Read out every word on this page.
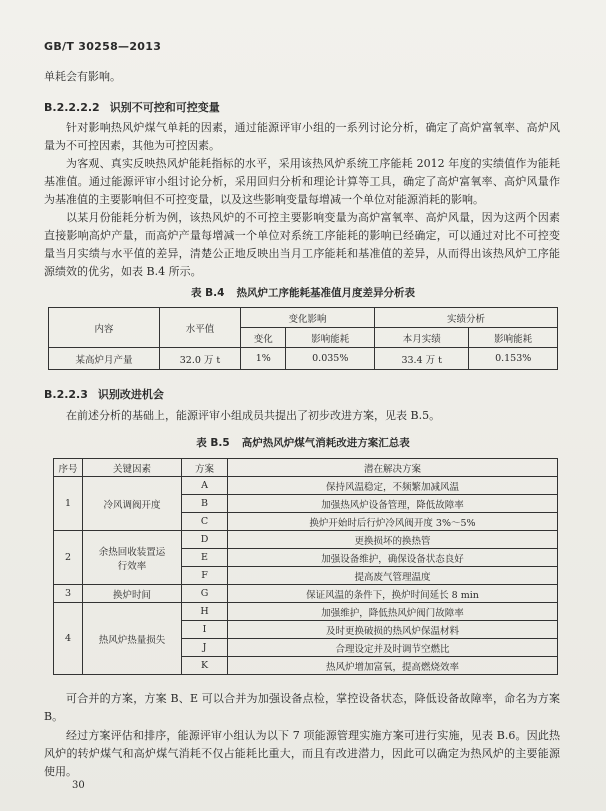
GB/T 30258—2013
单耗会有影响。
B.2.2.2.2 识别不可控和可控变量
针对影响热风炉煤气单耗的因素，通过能源评审小组的一系列讨论分析，确定了高炉富氧率、高炉风量为不可控因素，其他为可控因素。
为客观、真实反映热风炉能耗指标的水平，采用该热风炉系统工序能耗 2012 年度的实绩值作为能耗基准值。通过能源评审小组讨论分析，采用回归分析和理论计算等工具，确定了高炉富氧率、高炉风量作为基准值的主要影响但不可控变量，以及这些影响变量每增减一个单位对能源消耗的影响。
以某月份能耗分析为例，该热风炉的不可控主要影响变量为高炉富氧率、高炉风量，因为这两个因素直接影响高炉产量，而高炉产量每增减一个单位对系统工序能耗的影响已经确定，可以通过对比不可控变量当月实绩与水平值的差异，清楚公正地反映出当月工序能耗和基准值的差异，从而得出该热风炉工序能源绩效的优劣，如表 B.4 所示。
表 B.4 热风炉工序能耗基准值月度差异分析表
内容	水平值	变化影响		实绩分析	
		变化	影响能耗	本月实绩	影响能耗
某高炉月产量	32.0 万 t	1%	0.035%	33.4 万 t	0.153%
B.2.2.3 识别改进机会
在前述分析的基础上，能源评审小组成员共提出了初步改进方案，见表 B.5。
表 B.5 高炉热风炉煤气消耗改进方案汇总表
序号	关键因素	方案	潜在解决方案
1	冷风调阀开度	A	保持风温稳定，不频繁加减风温
		B	加强热风炉设备管理，降低故障率
		C	换炉开始时后行炉冷风阀开度 3%～5%
2	余热回收装置运行效率	D	更换损坏的换热管
		E	加强设备维护，确保设备状态良好
		F	提高废气管理温度
3	换炉时间	G	保证风温的条件下，换炉时间延长 8 min
4	热风炉热量损失	H	加强维护，降低热风炉阀门故障率
		I	及时更换破损的热风炉保温材料
		J	合理设定并及时调节空燃比
		K	热风炉增加富氧，提高燃烧效率
可合并的方案，方案 B、E 可以合并为加强设备点检，掌控设备状态，降低设备故障率，命名为方案 B。
经过方案评估和排序，能源评审小组认为以下 7 项能源管理实施方案可进行实施，见表 B.6。因此热风炉的转炉煤气和高炉煤气消耗不仅占能耗比重大，而且有改进潜力，因此可以确定为热风炉的主要能源使用。
30
